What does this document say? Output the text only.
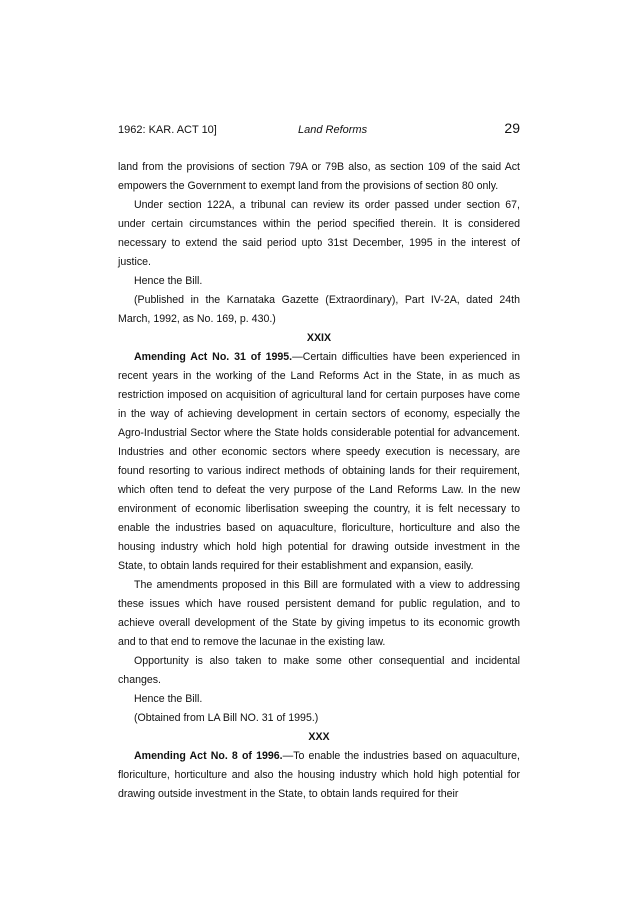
1962: KAR. ACT 10]	Land Reforms	29

land from the provisions of section 79A or 79B also, as section 109 of the said Act empowers the Government to exempt land from the provisions of section 80 only.

Under section 122A, a tribunal can review its order passed under section 67, under certain circumstances within the period specified therein. It is considered necessary to extend the said period upto 31st December, 1995 in the interest of justice.

Hence the Bill.

(Published in the Karnataka Gazette (Extraordinary), Part IV-2A, dated 24th March, 1992, as No. 169, p. 430.)

XXIX

Amending Act No. 31 of 1995.—Certain difficulties have been experienced in recent years in the working of the Land Reforms Act in the State, in as much as restriction imposed on acquisition of agricultural land for certain purposes have come in the way of achieving development in certain sectors of economy, especially the Agro-Industrial Sector where the State holds considerable potential for advancement. Industries and other economic sectors where speedy execution is necessary, are found resorting to various indirect methods of obtaining lands for their requirement, which often tend to defeat the very purpose of the Land Reforms Law. In the new environment of economic liberlisation sweeping the country, it is felt necessary to enable the industries based on aquaculture, floriculture, horticulture and also the housing industry which hold high potential for drawing outside investment in the State, to obtain lands required for their establishment and expansion, easily.

The amendments proposed in this Bill are formulated with a view to addressing these issues which have roused persistent demand for public regulation, and to achieve overall development of the State by giving impetus to its economic growth and to that end to remove the lacunae in the existing law.

Opportunity is also taken to make some other consequential and incidental changes.

Hence the Bill.

(Obtained from LA Bill NO. 31 of 1995.)

XXX

Amending Act No. 8 of 1996.—To enable the industries based on aquaculture, floriculture, horticulture and also the housing industry which hold high potential for drawing outside investment in the State, to obtain lands required for their
